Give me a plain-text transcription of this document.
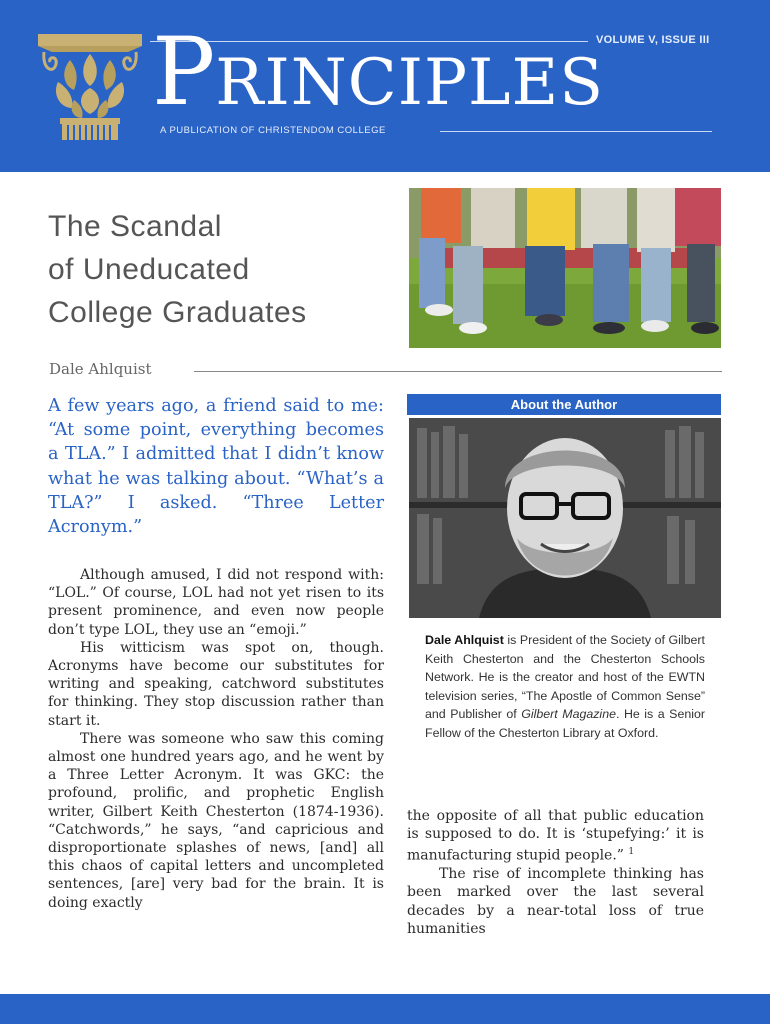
VOLUME V, ISSUE III
PRINCIPLES
A PUBLICATION OF CHRISTENDOM COLLEGE
The Scandal
of Uneducated
College Graduates
Dale Ahlquist
A few years ago, a friend said to me: “At some point, everything becomes a TLA.” I admitted that I didn’t know what he was talking about. “What’s a TLA?” I asked. “Three Letter Acronym.”

Although amused, I did not respond with: “LOL.” Of course, LOL had not yet risen to its present prominence, and even now people don’t type LOL, they use an “emoji.”

His witticism was spot on, though. Acronyms have become our substitutes for writing and speaking, catchword substitutes for thinking. They stop discussion rather than start it.

There was someone who saw this coming almost one hundred years ago, and he went by a Three Letter Acronym. It was GKC: the profound, prolific, and prophetic English writer, Gilbert Keith Chesterton (1874-1936). “Catchwords,” he says, “and capricious and disproportionate splashes of news, [and] all this chaos of capital letters and uncompleted sentences, [are] very bad for the brain. It is doing exactly

About the Author
Dale Ahlquist is President of the Society of Gilbert Keith Chesterton and the Chesterton Schools Network. He is the creator and host of the EWTN television series, “The Apostle of Common Sense” and Publisher of Gilbert Magazine. He is a Senior Fellow of the Chesterton Library at Oxford.

the opposite of all that public education is supposed to do. It is ‘stupefying:’ it is manufacturing stupid people.” $^1$

The rise of incomplete thinking has been marked over the last several decades by a near-total loss of true humanities
